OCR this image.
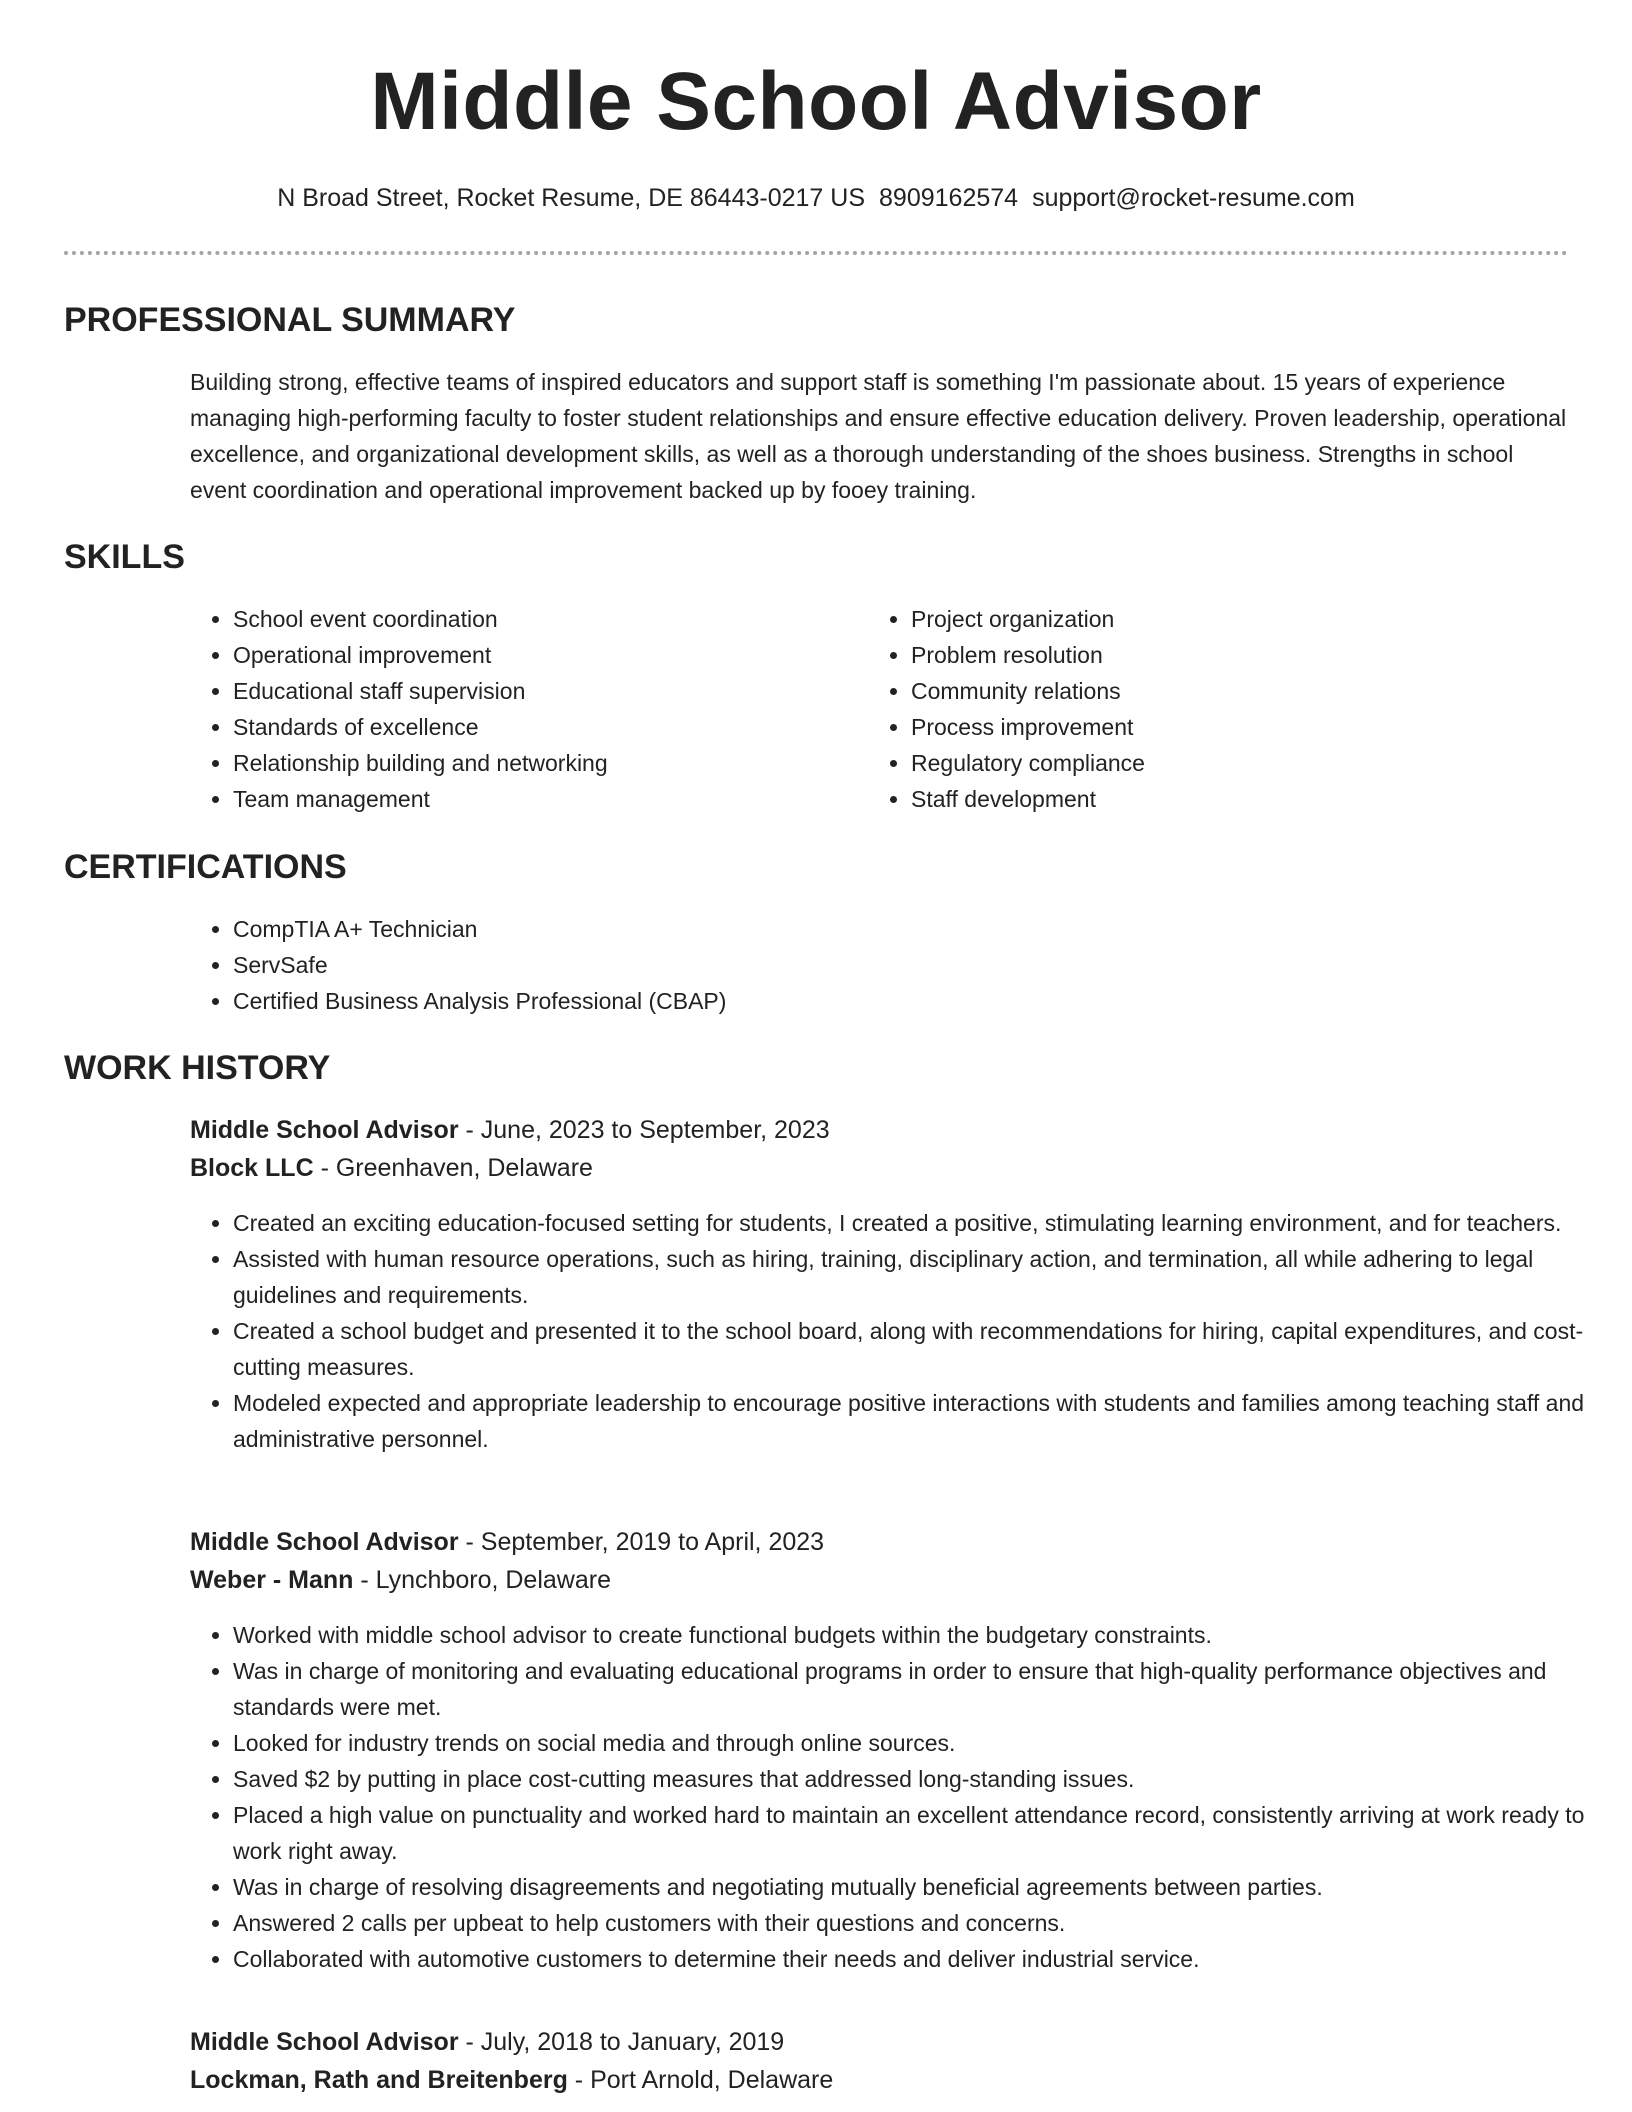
Middle School Advisor
N Broad Street, Rocket Resume, DE 86443-0217 US 8909162574 support@rocket-resume.com
PROFESSIONAL SUMMARY

Building strong, effective teams of inspired educators and support staff is something I'm passionate about. 15 years of experience managing high-performing faculty to foster student relationships and ensure effective education delivery. Proven leadership, operational excellence, and organizational development skills, as well as a thorough understanding of the shoes business. Strengths in school event coordination and operational improvement backed up by fooey training.

SKILLS
• School event coordination
• Operational improvement
• Educational staff supervision
• Standards of excellence
• Relationship building and networking
• Team management
• Project organization
• Problem resolution
• Community relations
• Process improvement
• Regulatory compliance
• Staff development
CERTIFICATIONS
• CompTIA A+ Technician
• ServSafe
• Certified Business Analysis Professional (CBAP)
WORK HISTORY
Middle School Advisor - June, 2023 to September, 2023
Block LLC - Greenhaven, Delaware
• Created an exciting education-focused setting for students, I created a positive, stimulating learning environment, and for teachers.
• Assisted with human resource operations, such as hiring, training, disciplinary action, and termination, all while adhering to legal guidelines and requirements.
• Created a school budget and presented it to the school board, along with recommendations for hiring, capital expenditures, and cost-cutting measures.
• Modeled expected and appropriate leadership to encourage positive interactions with students and families among teaching staff and administrative personnel.
Middle School Advisor - September, 2019 to April, 2023
Weber - Mann - Lynchboro, Delaware
• Worked with middle school advisor to create functional budgets within the budgetary constraints.
• Was in charge of monitoring and evaluating educational programs in order to ensure that high-quality performance objectives and standards were met.
• Looked for industry trends on social media and through online sources.
• Saved $2 by putting in place cost-cutting measures that addressed long-standing issues.
• Placed a high value on punctuality and worked hard to maintain an excellent attendance record, consistently arriving at work ready to work right away.
• Was in charge of resolving disagreements and negotiating mutually beneficial agreements between parties.
• Answered 2 calls per upbeat to help customers with their questions and concerns.
• Collaborated with automotive customers to determine their needs and deliver industrial service.
Middle School Advisor - July, 2018 to January, 2019
Lockman, Rath and Breitenberg - Port Arnold, Delaware
